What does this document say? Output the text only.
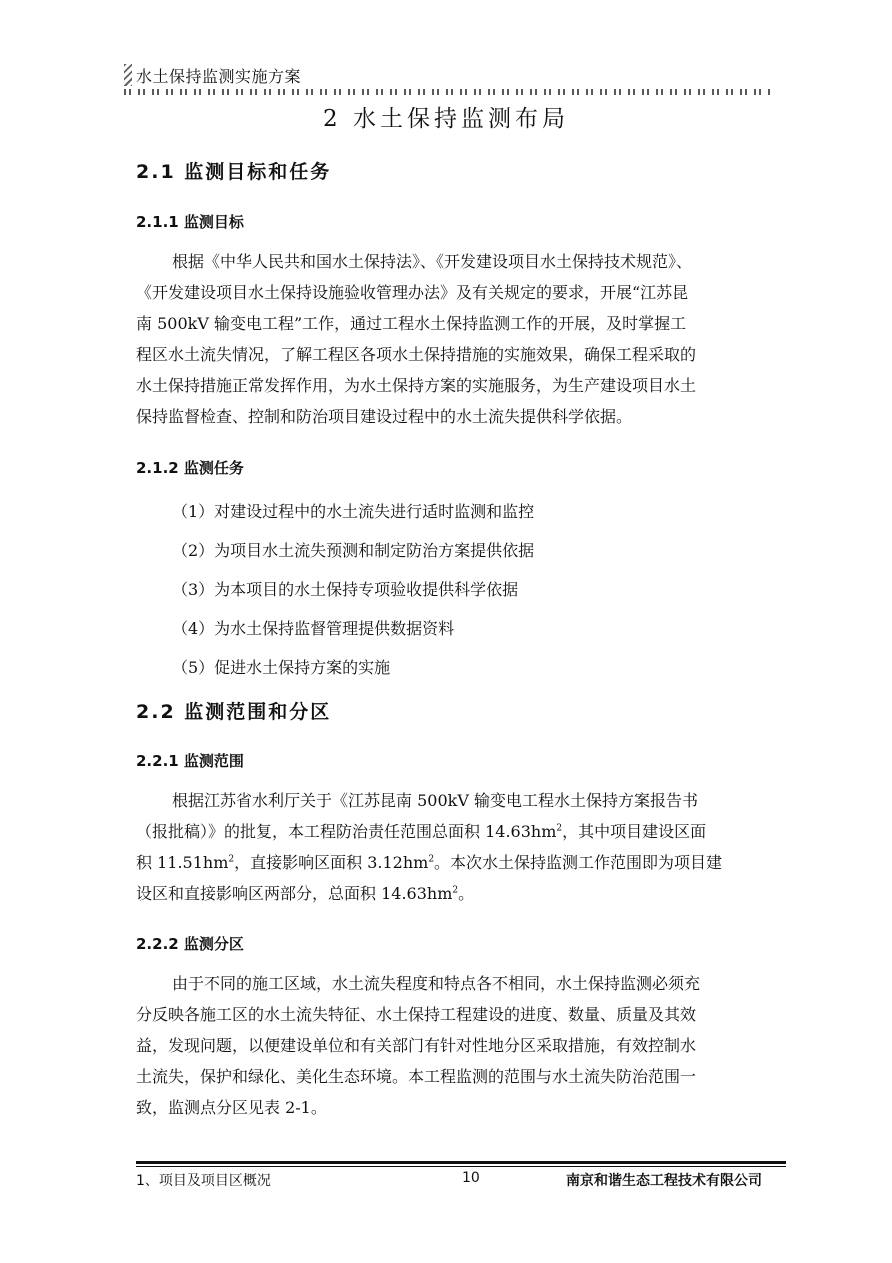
水土保持监测实施方案
2 水土保持监测布局
2.1 监测目标和任务
2.1.1 监测目标
根据《中华人民共和国水土保持法》、《开发建设项目水土保持技术规范》、
《开发建设项目水土保持设施验收管理办法》及有关规定的要求，开展“江苏昆
南 500kV 输变电工程”工作，通过工程水土保持监测工作的开展，及时掌握工
程区水土流失情况，了解工程区各项水土保持措施的实施效果，确保工程采取的
水土保持措施正常发挥作用，为水土保持方案的实施服务，为生产建设项目水土
保持监督检查、控制和防治项目建设过程中的水土流失提供科学依据。
2.1.2 监测任务
（1）对建设过程中的水土流失进行适时监测和监控
（2）为项目水土流失预测和制定防治方案提供依据
（3）为本项目的水土保持专项验收提供科学依据
（4）为水土保持监督管理提供数据资料
（5）促进水土保持方案的实施
2.2 监测范围和分区
2.2.1 监测范围
根据江苏省水利厅关于《江苏昆南 500kV 输变电工程水土保持方案报告书
（报批稿）》的批复，本工程防治责任范围总面积 $14.63hm^2$，其中项目建设区面
积 $11.51hm^2$，直接影响区面积 $3.12hm^2$。本次水土保持监测工作范围即为项目建
设区和直接影响区两部分，总面积 $14.63hm^2$。
2.2.2 监测分区
由于不同的施工区域，水土流失程度和特点各不相同，水土保持监测必须充
分反映各施工区的水土流失特征、水土保持工程建设的进度、数量、质量及其效
益，发现问题，以便建设单位和有关部门有针对性地分区采取措施，有效控制水
土流失，保护和绿化、美化生态环境。本工程监测的范围与水土流失防治范围一
致，监测点分区见表 2-1。
1、项目及项目区概况	10	南京和谐生态工程技术有限公司
